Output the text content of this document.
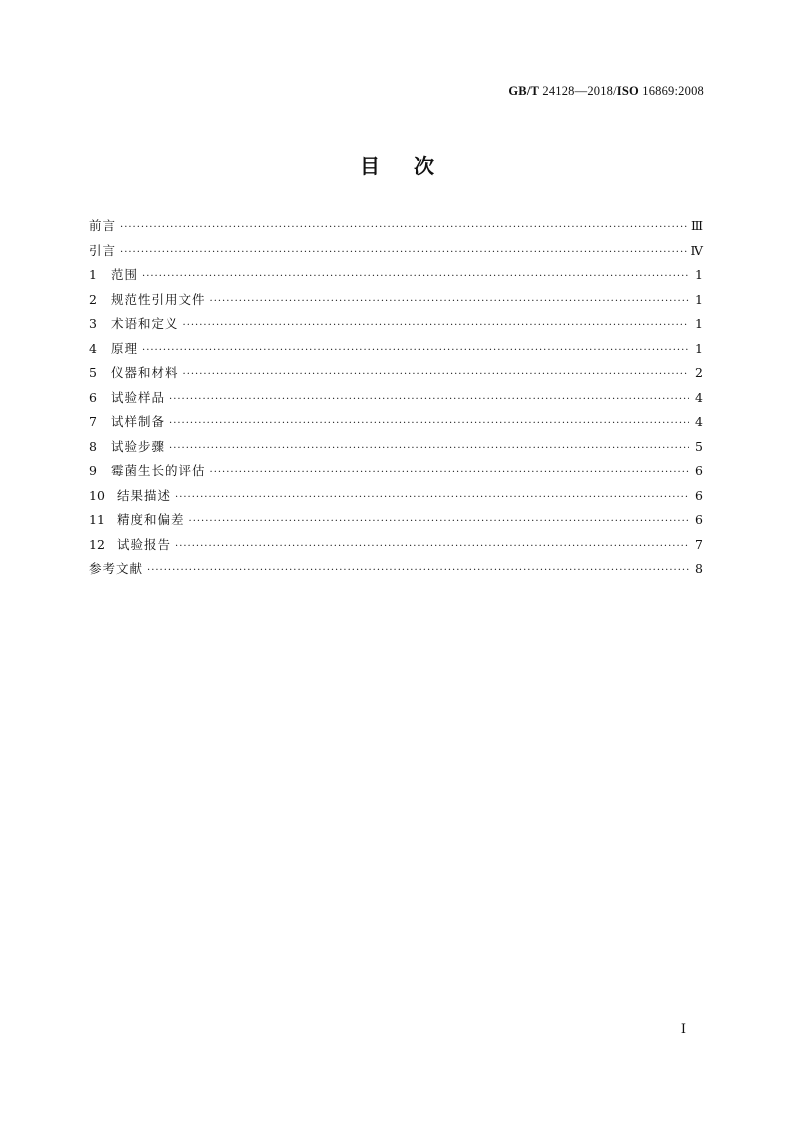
GB/T 24128—2018/ISO 16869:2008
目次
前言 ·····	Ⅲ
引言 ·····	Ⅳ
1	范围 ·····	1
2	规范性引用文件 ·····	1
3	术语和定义 ·····	1
4	原理 ·····	1
5	仪器和材料 ·····	2
6	试验样品 ·····	4
7	试样制备 ·····	4
8	试验步骤 ·····	5
9	霉菌生长的评估 ·····	6
10 结果描述 ·····	6
11 精度和偏差 ·····	6
12 试验报告 ·····	7
参考文献 ·····	8
I
